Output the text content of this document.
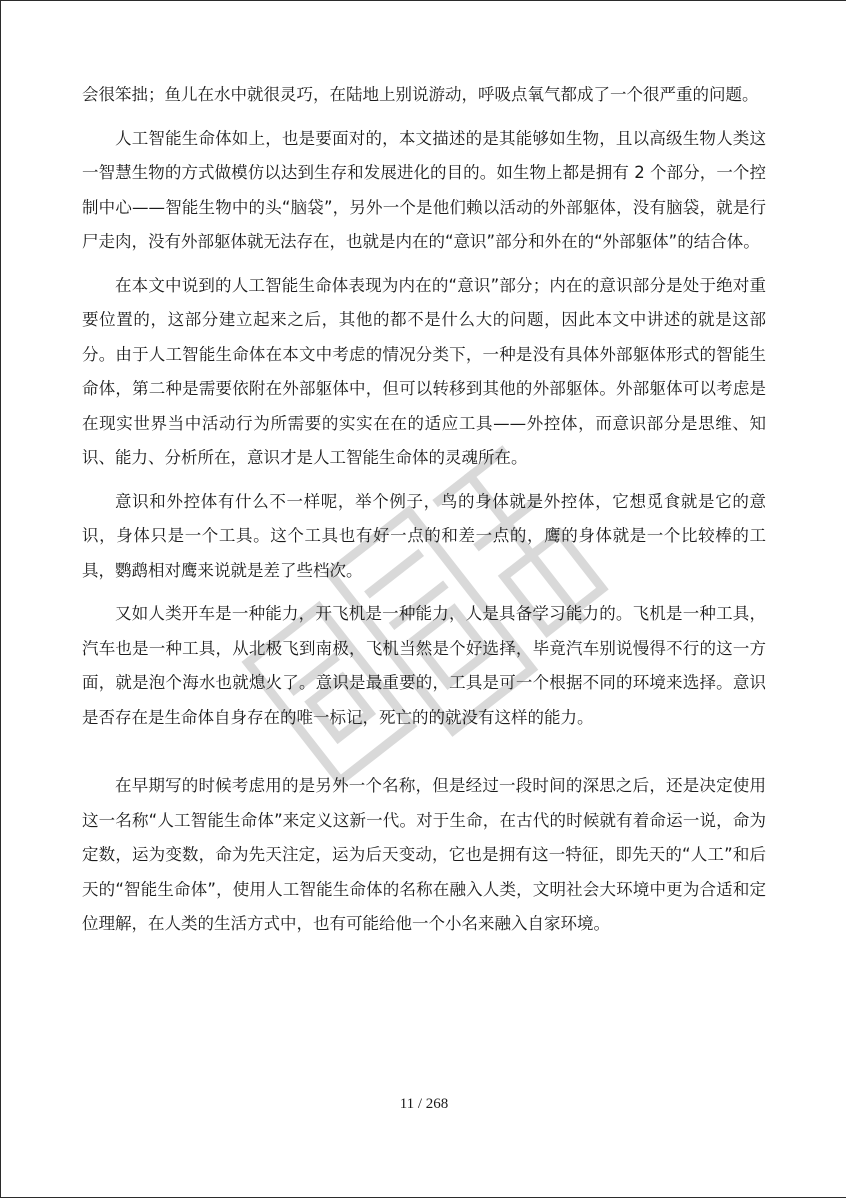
会很笨拙；鱼儿在水中就很灵巧，在陆地上别说游动，呼吸点氧气都成了一个很严重的问题。

人工智能生命体如上，也是要面对的，本文描述的是其能够如生物，且以高级生物人类这一智慧生物的方式做模仿以达到生存和发展进化的目的。如生物上都是拥有 2 个部分，一个控制中心——智能生物中的头“脑袋”，另外一个是他们赖以活动的外部躯体，没有脑袋，就是行尸走肉，没有外部躯体就无法存在，也就是内在的“意识”部分和外在的“外部躯体”的结合体。

在本文中说到的人工智能生命体表现为内在的“意识”部分；内在的意识部分是处于绝对重要位置的，这部分建立起来之后，其他的都不是什么大的问题，因此本文中讲述的就是这部分。由于人工智能生命体在本文中考虑的情况分类下，一种是没有具体外部躯体形式的智能生命体，第二种是需要依附在外部躯体中，但可以转移到其他的外部躯体。外部躯体可以考虑是在现实世界当中活动行为所需要的实实在在的适应工具——外控体，而意识部分是思维、知识、能力、分析所在，意识才是人工智能生命体的灵魂所在。

意识和外控体有什么不一样呢，举个例子，鸟的身体就是外控体，它想觅食就是它的意识，身体只是一个工具。这个工具也有好一点的和差一点的，鹰的身体就是一个比较棒的工具，鹦鹉相对鹰来说就是差了些档次。

又如人类开车是一种能力，开飞机是一种能力，人是具备学习能力的。飞机是一种工具，汽车也是一种工具，从北极飞到南极，飞机当然是个好选择，毕竟汽车别说慢得不行的这一方面，就是泡个海水也就熄火了。意识是最重要的，工具是可一个根据不同的环境来选择。意识是否存在是生命体自身存在的唯一标记，死亡的的就没有这样的能力。

在早期写的时候考虑用的是另外一个名称，但是经过一段时间的深思之后，还是决定使用这一名称“人工智能生命体”来定义这新一代。对于生命，在古代的时候就有着命运一说，命为定数，运为变数，命为先天注定，运为后天变动，它也是拥有这一特征，即先天的“人工”和后天的“智能生命体”，使用人工智能生命体的名称在融入人类，文明社会大环境中更为合适和定位理解，在人类的生活方式中，也有可能给他一个小名来融入自家环境。

11 / 268
